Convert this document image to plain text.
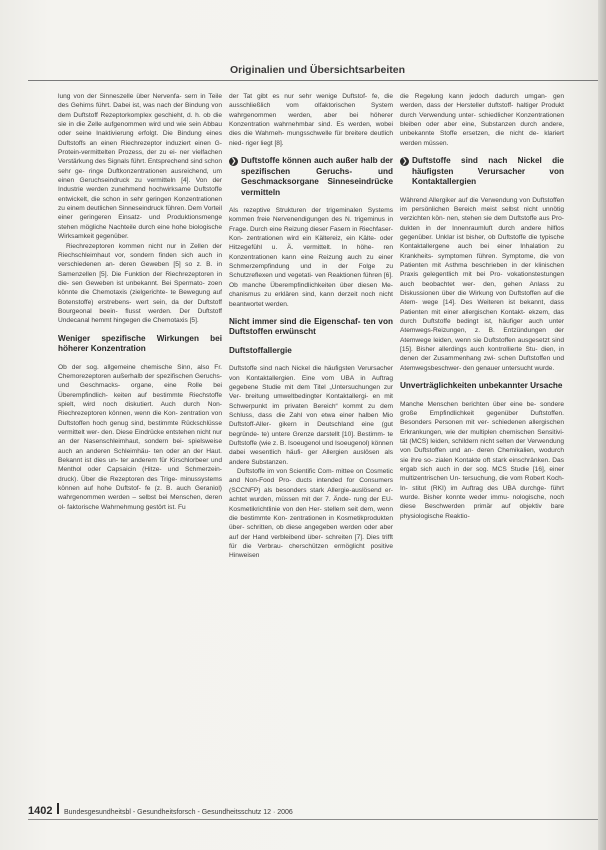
Originalien und Übersichtsarbeiten

lung von der Sinneszelle über Nervenfa- sern in Teile des Gehirns führt. Dabei ist, was nach der Bindung von dem Duftstoff Rezeptorkomplex geschieht, d. h. ob die sie in die Zelle aufgenommen wird und wie sein Abbau oder seine Inaktivierung erfolgt. Die Bindung eines Duftstoffs an einen Riechrezeptor induziert einen G-Protein-vermittelten Prozess, der zu ei- ner vielfachen Verstärkung des Signals führt. Entsprechend sind schon sehr ge- ringe Duftkonzentrationen ausreichend, um einen Geruchseindruck zu vermitteln [4]. Von der Industrie werden zunehmend hochwirksame Duftstoffe entwickelt, die schon in sehr geringen Konzentrationen zu einem deutlichen Sinneseindruck führen. Dem Vorteil einer geringeren Einsatz- und Produktionsmenge stehen mögliche Nachteile durch eine hohe biologische Wirksamkeit gegenüber.

Riechrezeptoren kommen nicht nur in Zellen der Riechschleimhaut vor, sondern finden sich auch in verschiedenen an- deren Geweben [5] so z. B. in Samenzellen [5]. Die Funktion der Riechrezeptoren in die- sen Geweben ist unbekannt. Bei Spermato- zoen könnte die Chemotaxis (zielgerichte- te Bewegung auf Botenstoffe) erstrebens- wert sein, da der Duftstoff Bourgeonal beein- flusst werden. Der Duftstoff Undecanal hemmt hingegen die Chemotaxis [5].

Weniger spezifische Wirkungen bei höherer Konzentration

Ob der sog. allgemeine chemische Sinn, also Fr. Chemorezeptoren außerhalb der spezifischen Geruchs- und Geschmacks- organe, eine Rolle bei Überempfindlich- keiten auf bestimmte Riechstoffe spielt, wird noch diskutiert. Auch durch Non- Riechrezeptoren können, wenn die Kon- zentration von Duftstoffen hoch genug sind, bestimmte Rückschlüsse vermittelt wer- den. Diese Eindrücke entstehen nicht nur an der Nasenschleimhaut, sondern bei- spielsweise auch an anderen Schleimhäu- ten oder an der Haut. Bekannt ist dies un- ter anderem für Kirschlorbeer und Menthol oder Capsaicin (Hitze- und Schmerzein- druck). Über die Rezeptoren des Trige- minussystems können auf hohe Duftstof- fe (z. B. auch Geraniol) wahrgenommen werden – selbst bei Menschen, deren ol- faktorische Wahrnehmung gestört ist. Fu

der Tat gibt es nur sehr wenige Duftstof- fe, die ausschließlich vom olfaktorischen System wahrgenommen werden, aber bei höherer Konzentration wahrnehmbar sind. Es werden, wobei dies die Wahrneh- mungsschwelle für breitere deutlich nied- riger liegt [8].

❯ Duftstoffe können auch außer halb der spezifischen Geruchs- und Geschmacksorgane Sinneseindrücke vermitteln

Als rezeptive Strukturen der trigeminalen Systems kommen freie Nervenendigungen des N. trigeminus in Frage. Durch eine Reizung dieser Fasern in Riechfaser-Kon- zentrationen wird ein Kältereiz, ein Kälte- oder Hitzegefühl u. Ä. vermittelt. In höhe- ren Konzentrationen kann eine Reizung auch zu einer Schmerzempfindung und in der Folge zu Schutzreflexen und vegetati- ven Reaktionen führen [6]. Ob manche Überempfindlichkeiten über diesen Me- chanismus zu erklären sind, kann derzeit noch nicht beantwortet werden.

Nicht immer sind die Eigenschaf- ten von Duftstoffen erwünscht

Duftstoffallergie

Duftstoffe sind nach Nickel die häufigsten Verursacher von Kontaktallergien. Eine vom UBA in Auftrag gegebene Studie mit dem Titel „Untersuchungen zur Ver- breitung umweltbedingter Kontaktallergi- en mit Schwerpunkt im privaten Bereich“ kommt zu dem Schluss, dass die Zahl von etwa einer halben Mio Duftstoff-Aller- gikern in Deutschland eine (gut begründe- te) untere Grenze darstellt [10]. Bestimm- te Duftstoffe (wie z. B. Isoeugenol und Isoeugenol) können dabei wesentlich häufi- ger Allergien auslösen als andere Substanzen.

Duftstoffe im von Scientific Com- mittee on Cosmetic and Non-Food Pro- ducts intended for Consumers (SCCNFP) als besonders stark Allergie-auslösend er- achtet wurden, müssen mit der 7. Ände- rung der EU-Kosmetikrichtlinie von den Her- stellern seit dem, wenn die bestimmte Kon- zentrationen in Kosmetikprodukten über- schritten, ob diese angegeben werden oder aber auf der Hand verbleibend über- schreiten [7]. Dies trifft für die Verbrau- cherschützen ermöglicht positive Hinweisen

die Regelung kann jedoch dadurch umgan- gen werden, dass der Hersteller duftstoff- haltiger Produkt durch Verwendung unter- schiedlicher Konzentrationen bleiben oder aber eine, Substanzen durch andere, unbekannte Stoffe ersetzen, die nicht de- klariert werden müssen.

❯ Duftstoffe sind nach Nickel die häufigsten Verursacher von Kontaktallergien

Während Allergiker auf die Verwendung von Duftstoffen im persönlichen Bereich meist selbst nicht unnötig verzichten kön- nen, stehen sie dem Duftstoffe aus Pro- dukten in der Innenraumluft durch andere hilflos gegenüber. Unklar ist bisher, ob Duftstoffe die typische Kontaktallergene auch bei einer Inhalation zu Krankheits- symptomen führen. Symptome, die von Patienten mit Asthma beschrieben in der klinischen Praxis gelegentlich mit bei Pro- vokationstestungen auch beobachtet wer- den, gehen Anlass zu Diskussionen über die Wirkung von Duftstoffen auf die Atem- wege [14]. Des Weiteren ist bekannt, dass Patienten mit einer allergischen Kontakt- ekzem, das durch Duftstoffe bedingt ist, häufiger auch unter Atemwegs-Reizungen, z. B. Entzündungen der Atemwege leiden, wenn sie Duftstoffen ausgesetzt sind [15]. Bisher allerdings auch kontrollierte Stu- dien, in denen der Zusammenhang zwi- schen Duftstoffen und Atemwegsbeschwer- den genauer untersucht wurde.

Unverträglichkeiten unbekannter Ursache

Manche Menschen berichten über eine be- sondere große Empfindlichkeit gegenüber Duftstoffen. Besonders Personen mit ver- schiedenen allergischen Erkrankungen, wie der multiplen chemischen Sensitivi- tät (MCS) leiden, schildern nicht selten der Verwendung von Duftstoffen und an- deren Chemikalien, wodurch sie ihre so- zialen Kontakte oft stark einschränken. Das ergab sich auch in der sog. MCS Studie [16], einer multizentrischen Un- tersuchung, die vom Robert Koch-In- stitut (RKI) im Auftrag des UBA durchge- führt wurde. Bisher konnte weder immu- nologische, noch diese Beschwerden primär auf objektiv bare physiologische Reaktio-

1402 Bundesgesundheitsbl - Gesundheitsforsch - Gesundheitsschutz 12 · 2006
